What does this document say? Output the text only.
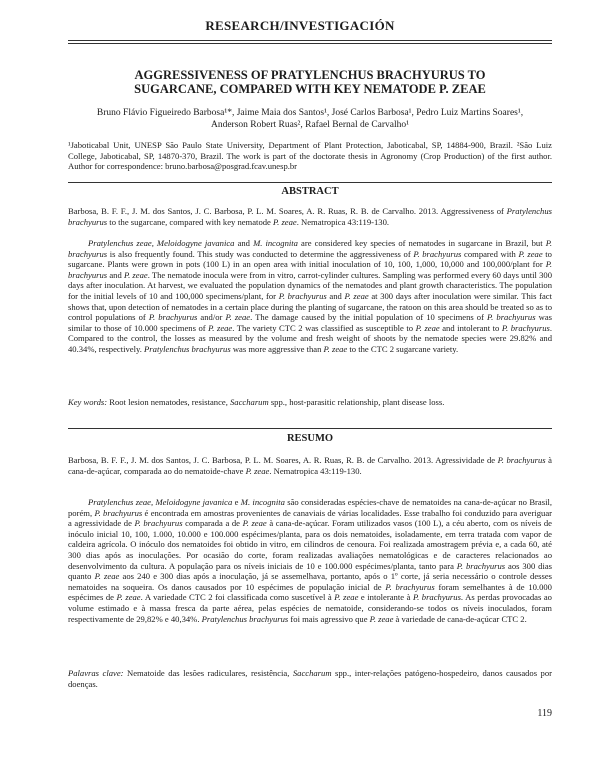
RESEARCH/INVESTIGACIÓN
AGGRESSIVENESS OF PRATYLENCHUS BRACHYURUS TO
SUGARCANE, COMPARED WITH KEY NEMATODE P. ZEAE
Bruno Flávio Figueiredo Barbosa¹*, Jaime Maia dos Santos¹, José Carlos Barbosa¹, Pedro Luiz Martins Soares¹,
Anderson Robert Ruas², Rafael Bernal de Carvalho¹
¹Jaboticabal Unit, UNESP São Paulo State University, Department of Plant Protection, Jaboticabal, SP, 14884-900, Brazil. ²São Luiz College, Jaboticabal, SP, 14870-370, Brazil. The work is part of the doctorate thesis in Agronomy (Crop Production) of the first author. Author for correspondence: bruno.barbosa@posgrad.fcav.unesp.br
ABSTRACT
Barbosa, B. F. F., J. M. dos Santos, J. C. Barbosa, P. L. M. Soares, A. R. Ruas, R. B. de Carvalho. 2013. Aggressiveness of Pratylenchus brachyurus to the sugarcane, compared with key nematode P. zeae. Nematropica 43:119-130.
Pratylenchus zeae, Meloidogyne javanica and M. incognita are considered key species of nematodes in sugarcane in Brazil, but P. brachyurus is also frequently found. This study was conducted to determine the aggressiveness of P. brachyurus compared with P. zeae to sugarcane. Plants were grown in pots (100 L) in an open area with initial inoculation of 10, 100, 1,000, 10,000 and 100,000/plant for P. brachyurus and P. zeae. The nematode inocula were from in vitro, carrot-cylinder cultures. Sampling was performed every 60 days until 300 days after inoculation. At harvest, we evaluated the population dynamics of the nematodes and plant growth characteristics. The population for the initial levels of 10 and 100,000 specimens/plant, for P. brachyurus and P. zeae at 300 days after inoculation were similar. This fact shows that, upon detection of nematodes in a certain place during the planting of sugarcane, the ratoon on this area should be treated so as to control populations of P. brachyurus and/or P. zeae. The damage caused by the initial population of 10 specimens of P. brachyurus was similar to those of 10.000 specimens of P. zeae. The variety CTC 2 was classified as susceptible to P. zeae and intolerant to P. brachyurus. Compared to the control, the losses as measured by the volume and fresh weight of shoots by the nematode species were 29.82% and 40.34%, respectively. Pratylenchus brachyurus was more aggressive than P. zeae to the CTC 2 sugarcane variety.
Key words: Root lesion nematodes, resistance, Saccharum spp., host-parasitic relationship, plant disease loss.
RESUMO
Barbosa, B. F. F., J. M. dos Santos, J. C. Barbosa, P. L. M. Soares, A. R. Ruas, R. B. de Carvalho. 2013. Agressividade de P. brachyurus à cana-de-açúcar, comparada ao do nematoide-chave P. zeae. Nematropica 43:119-130.
Pratylenchus zeae, Meloidogyne javanica e M. incognita são consideradas espécies-chave de nematoides na cana-de-açúcar no Brasil, porém, P. brachyurus é encontrada em amostras provenientes de canaviais de várias localidades. Esse trabalho foi conduzido para averiguar a agressividade de P. brachyurus comparada a de P. zeae à cana-de-açúcar. Foram utilizados vasos (100 L), a céu aberto, com os níveis de inóculo inicial 10, 100, 1.000, 10.000 e 100.000 espécimes/planta, para os dois nematoides, isoladamente, em terra tratada com vapor de caldeira agrícola. O inóculo dos nematoides foi obtido in vitro, em cilindros de cenoura. Foi realizada amostragem prévia e, a cada 60, até 300 dias após as inoculações. Por ocasião do corte, foram realizadas avaliações nematológicas e de caracteres relacionados ao desenvolvimento da cultura. A população para os níveis iniciais de 10 e 100.000 espécimes/planta, tanto para P. brachyurus aos 300 dias quanto P. zeae aos 240 e 300 dias após a inoculação, já se assemelhava, portanto, após o 1º corte, já seria necessário o controle desses nematoides na soqueira. Os danos causados por 10 espécimes de população inicial de P. brachyurus foram semelhantes à de 10.000 espécimes de P. zeae. A variedade CTC 2 foi classificada como suscetível à P. zeae e intolerante à P. brachyurus. As perdas provocadas ao volume estimado e à massa fresca da parte aérea, pelas espécies de nematoide, considerando-se todos os níveis inoculados, foram respectivamente de 29,82% e 40,34%. Pratylenchus brachyurus foi mais agressivo que P. zeae à variedade de cana-de-açúcar CTC 2.
Palavras clave: Nematoide das lesões radiculares, resistência, Saccharum spp., inter-relações patógeno-hospedeiro, danos causados por doenças.
119
